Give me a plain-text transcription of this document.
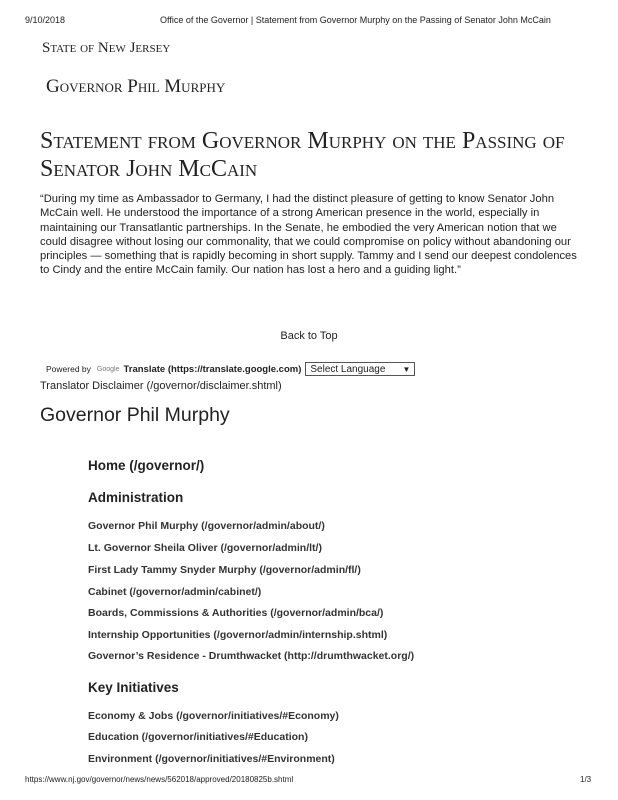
9/10/2018	Office of the Governor | Statement from Governor Murphy on the Passing of Senator John McCain
State of New Jersey
Governor Phil Murphy
Statement from Governor Murphy on the Passing of
Senator John McCain
“During my time as Ambassador to Germany, I had the distinct pleasure of getting to know Senator John McCain well. He understood the importance of a strong American presence in the world, especially in maintaining our Transatlantic partnerships. In the Senate, he embodied the very American notion that we could disagree without losing our commonality, that we could compromise on policy without abandoning our principles — something that is rapidly becoming in short supply. Tammy and I send our deepest condolences to Cindy and the entire McCain family. Our nation has lost a hero and a guiding light.”
Back to Top
Powered by Google Translate (https://translate.google.com) Select Language ▼
Translator Disclaimer (/governor/disclaimer.shtml)
Governor Phil Murphy
Home (/governor/)
Administration
Governor Phil Murphy (/governor/admin/about/)
Lt. Governor Sheila Oliver (/governor/admin/lt/)
First Lady Tammy Snyder Murphy (/governor/admin/fl/)
Cabinet (/governor/admin/cabinet/)
Boards, Commissions & Authorities (/governor/admin/bca/)
Internship Opportunities (/governor/admin/internship.shtml)
Governor’s Residence - Drumthwacket (http://drumthwacket.org/)
Key Initiatives
Economy & Jobs (/governor/initiatives/#Economy)
Education (/governor/initiatives/#Education)
Environment (/governor/initiatives/#Environment)
https://www.nj.gov/governor/news/news/562018/approved/20180825b.shtml	1/3
